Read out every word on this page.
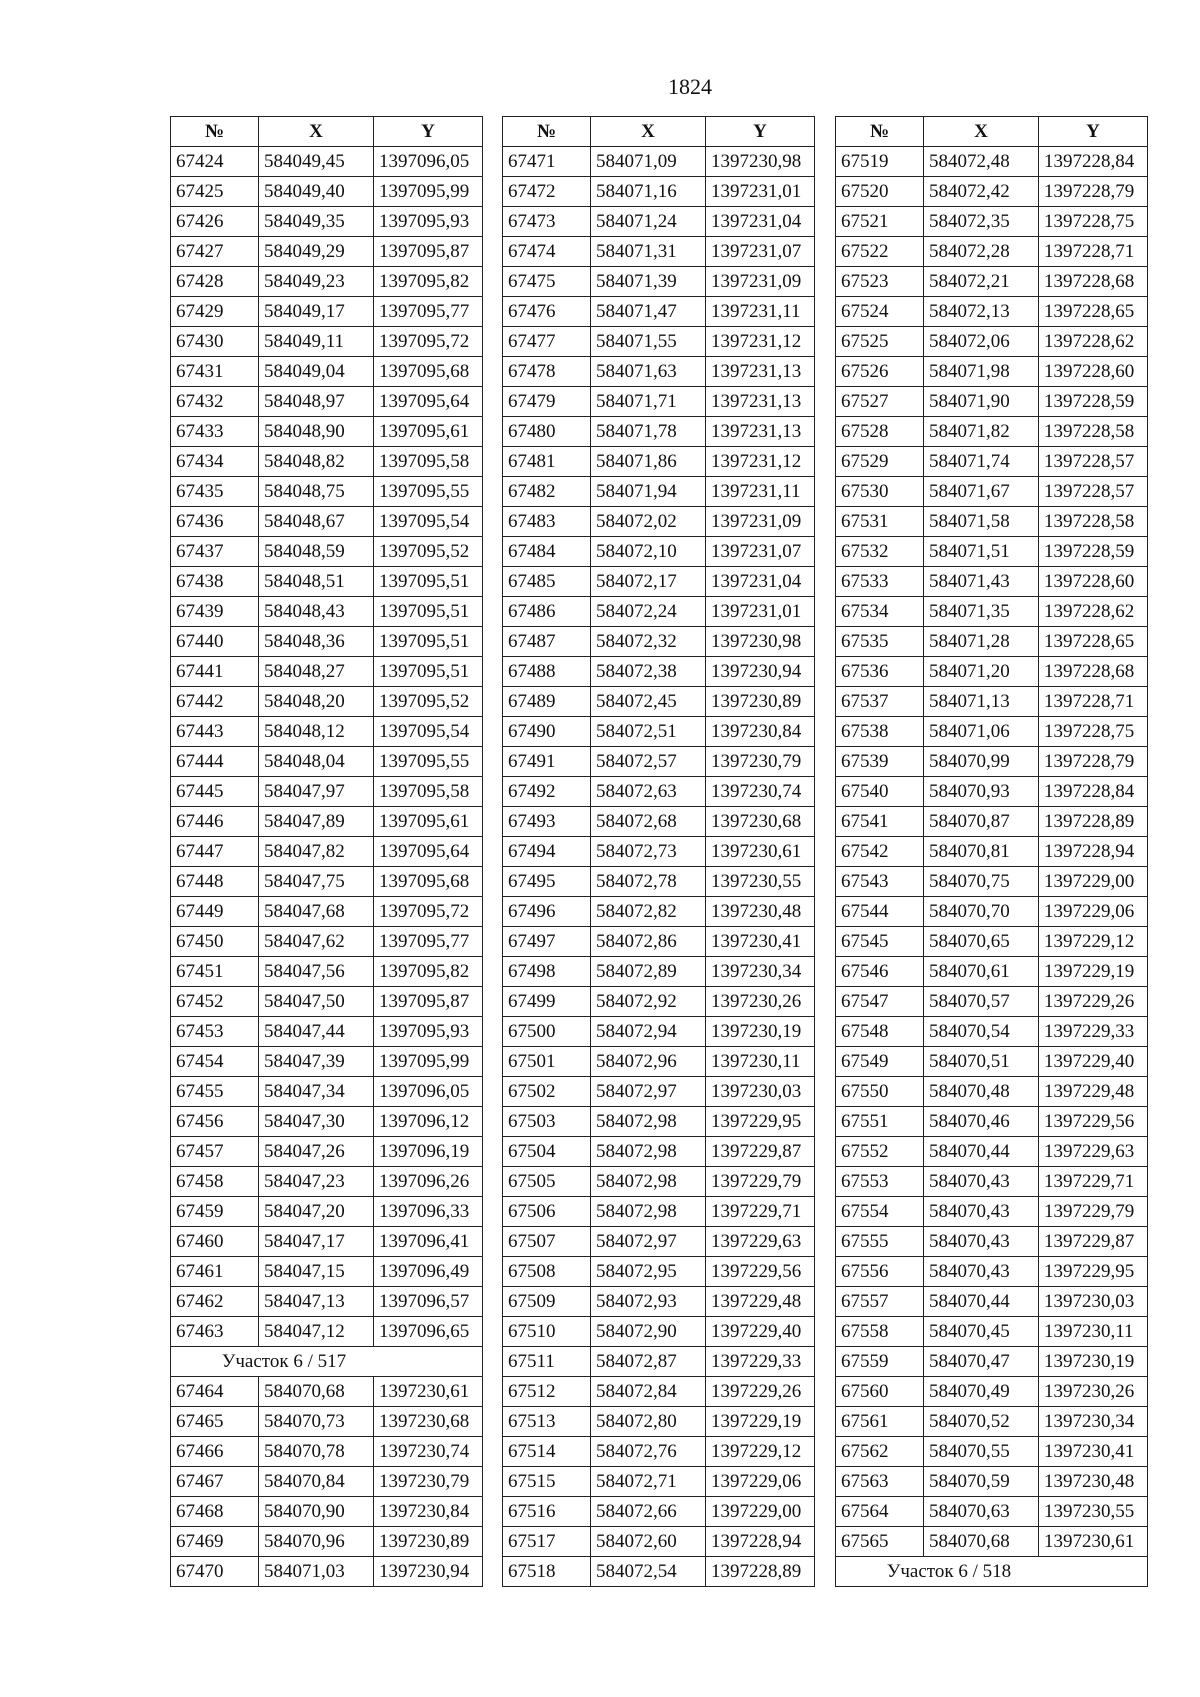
1824
№	X	Y
67424	584049,45	1397096,05
67425	584049,40	1397095,99
67426	584049,35	1397095,93
67427	584049,29	1397095,87
67428	584049,23	1397095,82
67429	584049,17	1397095,77
67430	584049,11	1397095,72
67431	584049,04	1397095,68
67432	584048,97	1397095,64
67433	584048,90	1397095,61
67434	584048,82	1397095,58
67435	584048,75	1397095,55
67436	584048,67	1397095,54
67437	584048,59	1397095,52
67438	584048,51	1397095,51
67439	584048,43	1397095,51
67440	584048,36	1397095,51
67441	584048,27	1397095,51
67442	584048,20	1397095,52
67443	584048,12	1397095,54
67444	584048,04	1397095,55
67445	584047,97	1397095,58
67446	584047,89	1397095,61
67447	584047,82	1397095,64
67448	584047,75	1397095,68
67449	584047,68	1397095,72
67450	584047,62	1397095,77
67451	584047,56	1397095,82
67452	584047,50	1397095,87
67453	584047,44	1397095,93
67454	584047,39	1397095,99
67455	584047,34	1397096,05
67456	584047,30	1397096,12
67457	584047,26	1397096,19
67458	584047,23	1397096,26
67459	584047,20	1397096,33
67460	584047,17	1397096,41
67461	584047,15	1397096,49
67462	584047,13	1397096,57
67463	584047,12	1397096,65
Участок 6 / 517		
67464	584070,68	1397230,61
67465	584070,73	1397230,68
67466	584070,78	1397230,74
67467	584070,84	1397230,79
67468	584070,90	1397230,84
67469	584070,96	1397230,89
67470	584071,03	1397230,94
№	X	Y
67471	584071,09	1397230,98
67472	584071,16	1397231,01
67473	584071,24	1397231,04
67474	584071,31	1397231,07
67475	584071,39	1397231,09
67476	584071,47	1397231,11
67477	584071,55	1397231,12
67478	584071,63	1397231,13
67479	584071,71	1397231,13
67480	584071,78	1397231,13
67481	584071,86	1397231,12
67482	584071,94	1397231,11
67483	584072,02	1397231,09
67484	584072,10	1397231,07
67485	584072,17	1397231,04
67486	584072,24	1397231,01
67487	584072,32	1397230,98
67488	584072,38	1397230,94
67489	584072,45	1397230,89
67490	584072,51	1397230,84
67491	584072,57	1397230,79
67492	584072,63	1397230,74
67493	584072,68	1397230,68
67494	584072,73	1397230,61
67495	584072,78	1397230,55
67496	584072,82	1397230,48
67497	584072,86	1397230,41
67498	584072,89	1397230,34
67499	584072,92	1397230,26
67500	584072,94	1397230,19
67501	584072,96	1397230,11
67502	584072,97	1397230,03
67503	584072,98	1397229,95
67504	584072,98	1397229,87
67505	584072,98	1397229,79
67506	584072,98	1397229,71
67507	584072,97	1397229,63
67508	584072,95	1397229,56
67509	584072,93	1397229,48
67510	584072,90	1397229,40
67511	584072,87	1397229,33
67512	584072,84	1397229,26
67513	584072,80	1397229,19
67514	584072,76	1397229,12
67515	584072,71	1397229,06
67516	584072,66	1397229,00
67517	584072,60	1397228,94
67518	584072,54	1397228,89
№	X	Y
67519	584072,48	1397228,84
67520	584072,42	1397228,79
67521	584072,35	1397228,75
67522	584072,28	1397228,71
67523	584072,21	1397228,68
67524	584072,13	1397228,65
67525	584072,06	1397228,62
67526	584071,98	1397228,60
67527	584071,90	1397228,59
67528	584071,82	1397228,58
67529	584071,74	1397228,57
67530	584071,67	1397228,57
67531	584071,58	1397228,58
67532	584071,51	1397228,59
67533	584071,43	1397228,60
67534	584071,35	1397228,62
67535	584071,28	1397228,65
67536	584071,20	1397228,68
67537	584071,13	1397228,71
67538	584071,06	1397228,75
67539	584070,99	1397228,79
67540	584070,93	1397228,84
67541	584070,87	1397228,89
67542	584070,81	1397228,94
67543	584070,75	1397229,00
67544	584070,70	1397229,06
67545	584070,65	1397229,12
67546	584070,61	1397229,19
67547	584070,57	1397229,26
67548	584070,54	1397229,33
67549	584070,51	1397229,40
67550	584070,48	1397229,48
67551	584070,46	1397229,56
67552	584070,44	1397229,63
67553	584070,43	1397229,71
67554	584070,43	1397229,79
67555	584070,43	1397229,87
67556	584070,43	1397229,95
67557	584070,44	1397230,03
67558	584070,45	1397230,11
67559	584070,47	1397230,19
67560	584070,49	1397230,26
67561	584070,52	1397230,34
67562	584070,55	1397230,41
67563	584070,59	1397230,48
67564	584070,63	1397230,55
67565	584070,68	1397230,61
Участок 6 / 518		
